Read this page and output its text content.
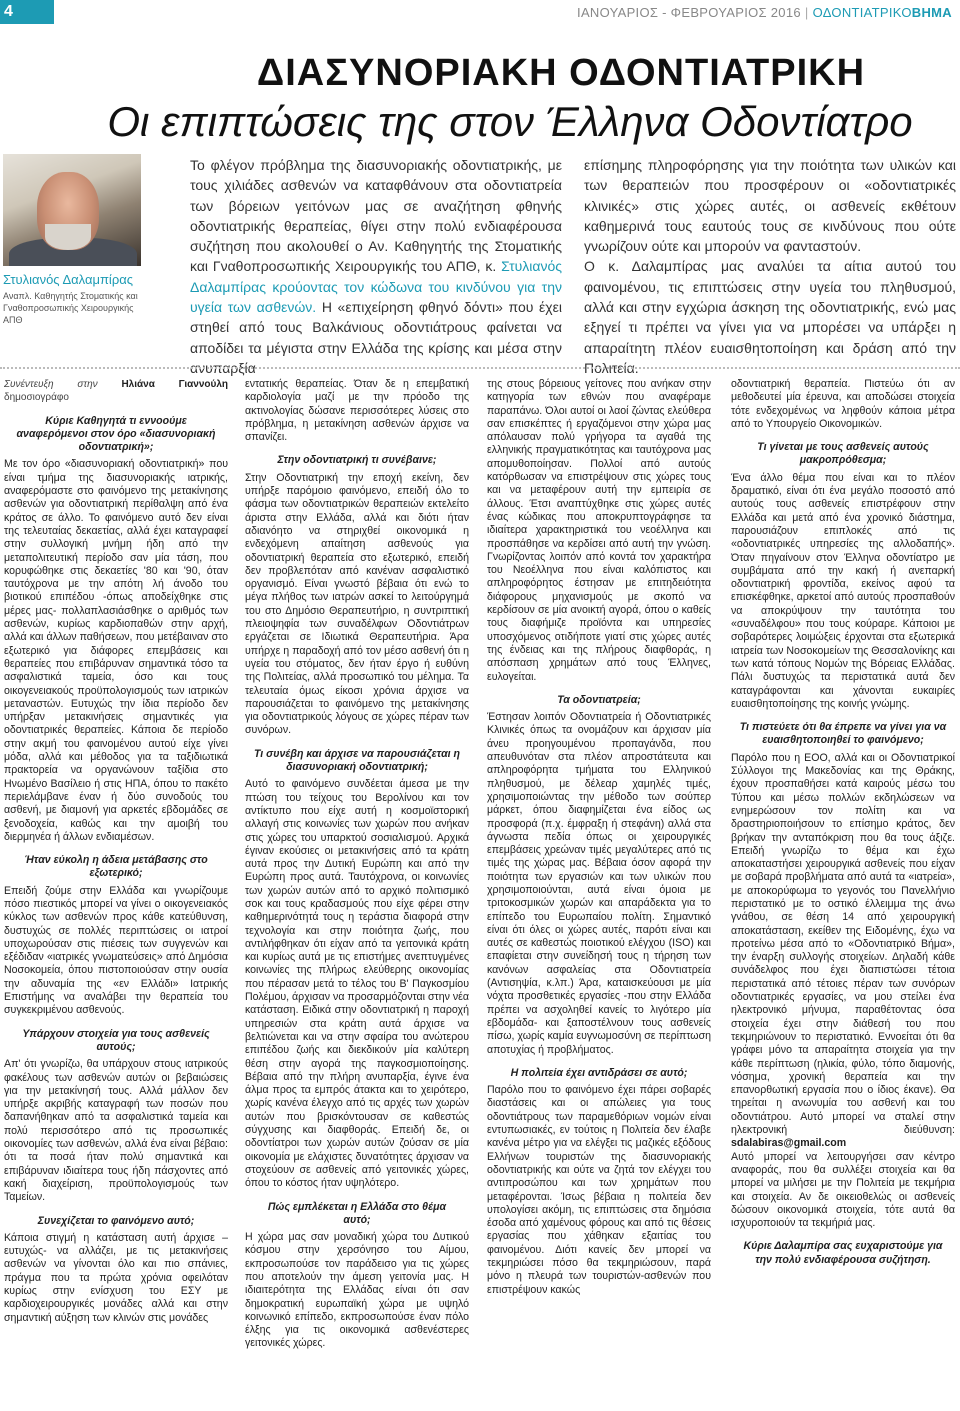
4 Θέμα
ΙΑΝΟΥΑΡΙΟΣ - ΦΕΒΡΟΥΑΡΙΟΣ 2016 | ΟΔΟΝΤΙΑΤΡΙΚΟΒΗΜΑ
ΔΙΑΣΥΝΟΡΙΑΚΗ ΟΔΟΝΤΙΑΤΡΙΚΗ
Οι επιπτώσεις της στον Έλληνα Οδοντίατρο
Στυλιανός Δαλαμπίρας
Αναπλ. Καθηγητής Στοματικής και Γναθοπροσωπικής Χειρουργικής ΑΠΘ
Το φλέγον πρόβλημα της διασυνοριακής οδοντιατρικής, με τους χιλιάδες ασθενών να καταφθάνουν στα οδοντιατρεία των βόρειων γειτόνων μας σε αναζήτηση φθηνής οδοντιατρικής θεραπείας, θίγει στην πολύ ενδιαφέρουσα συζήτηση που ακολουθεί ο Αν. Καθηγητής της Στοματικής και Γναθοπροσωπικής Χειρουργικής του ΑΠΘ, κ. Στυλιανός Δαλαμπίρας κρούοντας τον κώδωνα του κινδύνου για την υγεία των ασθενών. Η «επιχείρηση φθηνό δόντι» που έχει στηθεί από τους Βαλκάνιους οδοντιάτρους φαίνεται να αποδίδει τα μέγιστα στην Ελλάδα της κρίσης και μέσα στην ανυπαρξία

επίσημης πληροφόρησης για την ποιότητα των υλικών και των θεραπειών που προσφέρουν οι «οδοντιατρικές κλινικές» στις χώρες αυτές, οι ασθενείς εκθέτουν καθημερινά τους εαυτούς τους σε κινδύνους που ούτε γνωρίζουν ούτε και μπορούν να φανταστούν.

Ο κ. Δαλαμπίρας μας αναλύει τα αίτια αυτού του φαινομένου, τις επιπτώσεις στην υγεία του πληθυσμού, αλλά και στην εγχώρια άσκηση της οδοντιατρικής, ενώ μας εξηγεί τι πρέπει να γίνει για να μπορέσει να υπάρξει η απαραίτητη πλέον ευαισθητοποίηση και δράση από την Πολιτεία.

Συνέντευξη στην Ηλιάνα Γιαννούλη δημοσιογράφο
Κύριε Καθηγητά τι εννοούμε αναφερόμενοι στον όρο «διασυνοριακή οδοντιατρική»;

Με τον όρο «διασυνοριακή οδοντιατρική» που είναι τμήμα της διασυνοριακής ιατρικής, αναφερόμαστε στο φαινόμενο της μετακίνησης ασθενών για οδοντιατρική περίθαλψη από ένα κράτος σε άλλο. Το φαινόμενο αυτό δεν είναι της τελευταίας δεκαετίας, αλλά έχει καταγραφεί στην συλλογική μνήμη ήδη από την μεταπολιτευτική περίοδο σαν μία τάση, που κορυφώθηκε στις δεκαετίες '80 και '90, όταν ταυτόχρονα με την απότη λή άνοδο του βιοτικού επιπέδου -όπως αποδείχθηκε στις μέρες μας- πολλαπλασιάσθηκε ο αριθμός των ασθενών, κυρίως καρδιοπαθών στην αρχή, αλλά και άλλων παθήσεων, που μετέβαιναν στο εξωτερικό για διάφορες επεμβάσεις και θεραπείες που επιβάρυναν σημαντικά τόσο τα ασφαλιστικά ταμεία, όσο και τους οικογενειακούς προϋπολογισμούς των ιατρικών μεταναστών. Ευτυχώς την ίδια περίοδο δεν υπήρξαν μετακινήσεις σημαντικές για οδοντιατρικές θεραπείες. Κάποια δε περίοδο στην ακμή του φαινομένου αυτού είχε γίνει μόδα, αλλά και μέθοδος για τα ταξιδιωτικά πρακτορεία να οργανώνουν ταξίδια στο Ηνωμένο Βασίλειο ή στις ΗΠΑ, όπου το πακέτο περιελάμβανε έναν ή δύο συνοδούς του ασθενή, με διαμονή για αρκετές εβδομάδες σε ξενοδοχεία, καθώς και την αμοιβή του διερμηνέα ή άλλων ενδιαμέσων.

Ήταν εύκολη η άδεια μετάβασης στο εξωτερικό;

Επειδή ζούμε στην Ελλάδα και γνωρίζουμε πόσο πιεστικός μπορεί να γίνει ο οικογενειακός κύκλος των ασθενών προς κάθε κατεύθυνση, δυστυχώς σε πολλές περιπτώσεις οι ιατροί υποχωρούσαν στις πιέσεις των συγγενών και εξέδιδαν «ιατρικές γνωματεύσεις» από Δημόσια Νοσοκομεία, όπου πιστοποιούσαν στην ουσία την αδυναμία της «εν Ελλάδι» Ιατρικής Επιστήμης να αναλάβει την θεραπεία του συγκεκριμένου ασθενούς.

Υπάρχουν στοιχεία για τους ασθενείς αυτούς;

Απ' ότι γνωρίζω, θα υπάρχουν στους ιατρικούς φακέλους των ασθενών αυτών οι βεβαιώσεις για την μετακίνησή τους. Αλλά μάλλον δεν υπήρξε ακριβής καταγραφή των ποσών που δαπανήθηκαν από τα ασφαλιστικά ταμεία και πολύ περισσότερο από τις προσωπικές οικονομίες των ασθενών, αλλά ένα είναι βέβαιο: ότι τα ποσά ήταν πολύ σημαντικά και επιβάρυναν ιδιαίτερα τους ήδη πάσχοντες από κακή διαχείριση, προϋπολογισμούς των Ταμείων.

Συνεχίζεται το φαινόμενο αυτό;

Κάποια στιγμή η κατάσταση αυτή άρχισε –ευτυχώς- να αλλάζει, με τις μετακινήσεις ασθενών να γίνονται όλο και πιο σπάνιες, πράγμα που τα πρώτα χρόνια οφειλόταν κυρίως στην ενίσχυση του ΕΣΥ με καρδιοχειρουργικές μονάδες αλλά και στην σημαντική αύξηση των κλινών στις μονάδες

εντατικής θεραπείας. Όταν δε η επεμβατική καρδιολογία μαζί με την πρόοδο της ακτινολογίας δώσανε περισσότερες λύσεις στο πρόβλημα, η μετακίνηση ασθενών άρχισε να σπανίζει.

Στην οδοντιατρική τι συνέβαινε;

Στην Οδοντιατρική την εποχή εκείνη, δεν υπήρξε παρόμοιο φαινόμενο, επειδή όλο το φάσμα των οδοντιατρικών θεραπειών εκτελείτο άριστα στην Ελλάδα, αλλά και διότι ήταν αδιανόητο να στηριχθεί οικονομικά η ενδεχόμενη απαίτηση ασθενούς για οδοντιατρική θεραπεία στο εξωτερικό, επειδή δεν προβλεπόταν από κανέναν ασφαλιστικό οργανισμό. Είναι γνωστό βέβαια ότι ενώ το μέγα πλήθος των ιατρών ασκεί το λειτούργημά του στο Δημόσιο Θεραπευτήριο, η συντριπτική πλειοψηφία των συναδέλφων Οδοντιάτρων εργάζεται σε Ιδιωτικά Θεραπευτήρια. Άρα υπήρχε η παραδοχή από τον μέσο ασθενή ότι η υγεία του στόματος, δεν ήταν έργο ή ευθύνη της Πολιτείας, αλλά προσωπικό του μέλημα. Τα τελευταία όμως είκοσι χρόνια άρχισε να παρουσιάζεται το φαινόμενο της μετακίνησης για οδοντιατρικούς λόγους σε χώρες πέραν των συνόρων.

Τι συνέβη και άρχισε να παρουσιάζεται η διασυνοριακή οδοντιατρική;

Αυτό το φαινόμενο συνδέεται άμεσα με την πτώση του τείχους του Βερολίνου και τον αντίκτυπο που είχε αυτή η κοσμοϊστορική αλλαγή στις κοινωνίες των χωρών που ανήκαν στις χώρες του υπαρκτού σοσιαλισμού. Αρχικά έγιναν εκούσιες οι μετακινήσεις από τα κράτη αυτά προς την Δυτική Ευρώπη και από την Ευρώπη προς αυτά. Ταυτόχρονα, οι κοινωνίες των χωρών αυτών από το αρχικό πολιτισμικό σοκ και τους κραδασμούς που είχε φέρει στην καθημερινότητά τους η τεράστια διαφορά στην τεχνολογία και στην ποιότητα ζωής, που αντιλήφθηκαν ότι είχαν από τα γειτονικά κράτη και κυρίως αυτά με τις επιστήμες ανεπτυγμένες κοινωνίες της πλήρως ελεύθερης οικονομίας που πέρασαν μετά το τέλος του Β' Παγκοσμίου Πολέμου, άρχισαν να προσαρμόζονται στην νέα κατάσταση. Ειδικά στην οδοντιατρική η παροχή υπηρεσιών στα κράτη αυτά άρχισε να βελτιώνεται και να στην σφαίρα του ανώτερου επιπέδου ζωής και διεκδικούν μία καλύτερη θέση στην αγορά της παγκοσμιοποίησης. Βέβαια από την πλήρη ανυπαρξία, έγινε ένα άλμα προς τα εμπρός άτακτα και το χειρότερο, χωρίς κανένα έλεγχο από τις αρχές των χωρών αυτών που βρισκόντουσαν σε καθεστώς σύγχυσης και διαφθοράς. Επειδή δε, οι οδοντίατροι των χωρών αυτών ζούσαν σε μία οικονομία με ελάχιστες δυνατότητες άρχισαν να στοχεύουν σε ασθενείς από γειτονικές χώρες, όπου το κόστος ήταν υψηλότερο.

Πώς εμπλέκεται η Ελλάδα στο θέμα αυτό;

Η χώρα μας σαν μοναδική χώρα του Δυτικού κόσμου στην χερσόνησο του Αίμου, εκπροσωπούσε τον παράδεισο για τις χώρες που αποτελούν την άμεση γειτονία μας. Η ιδιαιτερότητα της Ελλάδας είναι ότι σαν δημοκρατική ευρωπαϊκή χώρα με υψηλό κοινωνικό επίπεδο, εκπροσωπούσε έναν πόλο έλξης για τις οικονομικά ασθενέστερες γειτονικές χώρες.

της στους βόρειους γείτονες που ανήκαν στην κατηγορία των εθνών που αναφέραμε παραπάνω. Όλοι αυτοί οι λαοί ζώντας ελεύθερα σαν επισκέπτες ή εργαζόμενοι στην χώρα μας απόλαυσαν πολύ γρήγορα τα αγαθά της ελληνικής πραγματικότητας και ταυτόχρονα μας απομυθοποίησαν. Πολλοί από αυτούς κατόρθωσαν να επιστρέψουν στις χώρες τους και να μεταφέρουν αυτή την εμπειρία σε άλλους. Έτσι αναπτύχθηκε στις χώρες αυτές ένας κώδικας που αποκρυπτογράφησε τα ιδιαίτερα χαρακτηριστικά του νεοέλληνα και προσπάθησε να κερδίσει από αυτή την γνώση. Γνωρίζοντας λοιπόν από κοντά τον χαρακτήρα του Νεοέλληνα που είναι καλόπιστος και απληροφόρητος έστησαν με επιτηδειότητα διάφορους μηχανισμούς με σκοπό να κερδίσουν σε μία ανοικτή αγορά, όπου ο καθείς τους διαφήμιζε προϊόντα και υπηρεσίες υποσχόμενος οτιδήποτε γιατί στις χώρες αυτές της ένδειας και της πλήρους διαφθοράς, η απόσπαση χρημάτων από τους Έλληνες, ευλογείται.

Τα οδοντιατρεία;

Έστησαν λοιπόν Οδοντιατρεία ή Οδοντιατρικές Κλινικές όπως τα ονομάζουν και άρχισαν μία άνευ προηγουμένου προπαγάνδα, που απευθυνόταν στα πλέον απροστάτευτα και απληροφόρητα τμήματα του Ελληνικού πληθυσμού, με δέλεαρ χαμηλές τιμές, χρησιμοποιώντας την μέθοδο των σούπερ μάρκετ, όπου διαφημίζεται ένα είδος ως προσφορά (π.χ. έμφραξη ή στεφάνη) αλλά στα άγνωστα πεδία όπως οι χειρουργικές επεμβάσεις χρεώναν τιμές μεγαλύτερες από τις τιμές της χώρας μας. Βέβαια όσον αφορά την ποιότητα των εργασιών και των υλικών που χρησιμοποιούνται, αυτά είναι όμοια με τριτοκοσμικών χωρών και απαράδεκτα για το επίπεδο του Ευρωπαίου πολίτη. Σημαντικό είναι ότι όλες οι χώρες αυτές, παρότι είναι και αυτές σε καθεστώς ποιοτικού ελέγχου (ISO) και επαφίεται στην συνείδησή τους η τήρηση των κανόνων ασφαλείας στα Οδοντιατρεία (Αντισηψία, κ.λπ.) Άρα, καταισκεύουσι με μία νόχτα προσθετικές εργασίες -που στην Ελλάδα πρέπει να ασχοληθεί κανείς το λιγότερο μία εβδομάδα- και ξαποστέλνουν τους ασθενείς πίσω, χωρίς καμία ευγνωμοσύνη σε περίπτωση αποτυχίας ή προβλήματος.

Η πολιτεία έχει αντιδράσει σε αυτό;

Παρόλο που το φαινόμενο έχει πάρει σοβαρές διαστάσεις και οι απώλειες για τους οδοντιάτρους των παραμεθόριων νομών είναι εντυπωσιακές, εν τούτοις η Πολιτεία δεν έλαβε κανένα μέτρο για να ελέγξει τις μαζικές εξόδους Ελλήνων τουριστών της διασυνοριακής οδοντιατρικής και ούτε να ζητά τον ελέγχει του αντιπροσώπου και των χρημάτων που μεταφέρονται. Ίσως βέβαια η πολιτεία δεν υπολογίσει ακόμη, τις επιπτώσεις στα δημόσια έσοδα από χαμένους φόρους και από τις θέσεις εργασίας που χάθηκαν εξαιτίας του φαινομένου. Διότι κανείς δεν μπορεί να τεκμηριώσει πόσο θα τεκμηριώσουν, παρά μόνο η πλευρά των τουριστών-ασθενών που επιστρέψουν κακώς

οδοντιατρική θεραπεία. Πιστεύω ότι αν μεθοδευτεί μία έρευνα, και αποδώσει στοιχεία τότε ενδεχομένως να ληφθούν κάποια μέτρα από το Υπουργείο Οικονομικών.

Τι γίνεται με τους ασθενείς αυτούς μακροπρόθεσμα;

Ένα άλλο θέμα που είναι και το πλέον δραματικό, είναι ότι ένα μεγάλο ποσοστό από αυτούς τους ασθενείς επιστρέφουν στην Ελλάδα και μετά από ένα χρονικό διάστημα, παρουσιάζουν επιπλοκές από τις «οδοντιατρικές υπηρεσίες της αλλοδαπής». Όταν πηγαίνουν στον Έλληνα οδοντίατρο με συμβάματα από την κακή ή ανεπαρκή οδοντιατρική φροντίδα, εκείνος αφού τα επισκέφθηκε, αρκετοί από αυτούς προσπαθούν να αποκρύψουν την ταυτότητα του «συναδέλφου» που τους κούραρε. Κάποιοι με σοβαρότερες λοιμώξεις έρχονται στα εξωτερικά ιατρεία των Νοσοκομείων της Θεσσαλονίκης και των κατά τόπους Νομών της Βόρειας Ελλάδας. Πάλι δυστυχώς τα περιστατικά αυτά δεν καταγράφονται και χάνονται ευκαιρίες ευαισθητοποίησης της κοινής γνώμης.

Τι πιστεύετε ότι θα έπρεπε να γίνει για να ευαισθητοποιηθεί το φαινόμενο;

Παρόλο που η ΕΟΟ, αλλά και οι Οδοντιατρικοί Σύλλογοι της Μακεδονίας και της Θράκης, έχουν προσπαθήσει κατά καιρούς μέσω του Τύπου και μέσω πολλών εκδηλώσεων να ενημερώσουν τον πολίτη και να δραστηριοποιήσουν το επίσημο κράτος, δεν βρήκαν την ανταπόκριση που θα τους άξιζε. Επειδή γνωρίζω το θέμα και έχω αποκαταστήσει χειρουργικά ασθενείς που είχαν με σοβαρά προβλήματα από αυτά τα «ιατρεία», με αποκορύφωμα το γεγονός του Πανελλήνιο περιστατικό με το οστικό έλλειμμα της άνω γνάθου, σε θέση 14 από χειρουργική αποκατάσταση, εκείθεν της Ειδομένης, έχω να προτείνω μέσα από το «Οδοντιατρικό Βήμα», την έναρξη συλλογής στοιχείων. Δηλαδή κάθε συνάδελφος που έχει διαπιστώσει τέτοια περιστατικά από τέτοιες πέραν των συνόρων οδοντιατρικές εργασίες, να μου στείλει ένα ηλεκτρονικό μήνυμα, παραθέτοντας όσα στοιχεία έχει στην διάθεσή του που τεκμηριώνουν το περιστατικό. Εννοείται ότι θα γράφει μόνο τα απαραίτητα στοιχεία για την κάθε περίπτωση (ηλικία, φύλο, τόπο διαμονής, νόσημα, χρονική θεραπεία και την επανορθωτική εργασία που ο ίδιος έκανε). Θα τηρείται η ανωνυμία του ασθενή και του οδοντιάτρου. Αυτό μπορεί να σταλεί στην ηλεκτρονική διεύθυνση: sdalabiras@gmail.com

Αυτό μπορεί να λειτουργήσει σαν κέντρο αναφοράς, που θα συλλέξει στοιχεία και θα μπορεί να μιλήσει με την Πολιτεία με τεκμήρια και στοιχεία. Αν δε οικειοθελώς οι ασθενείς δώσουν οικονομικά στοιχεία, τότε αυτά θα ισχυροποιούν τα τεκμήριά μας.

Κύριε Δαλαμπίρα σας ευχαριστούμε για την πολύ ενδιαφέρουσα συζήτηση.
